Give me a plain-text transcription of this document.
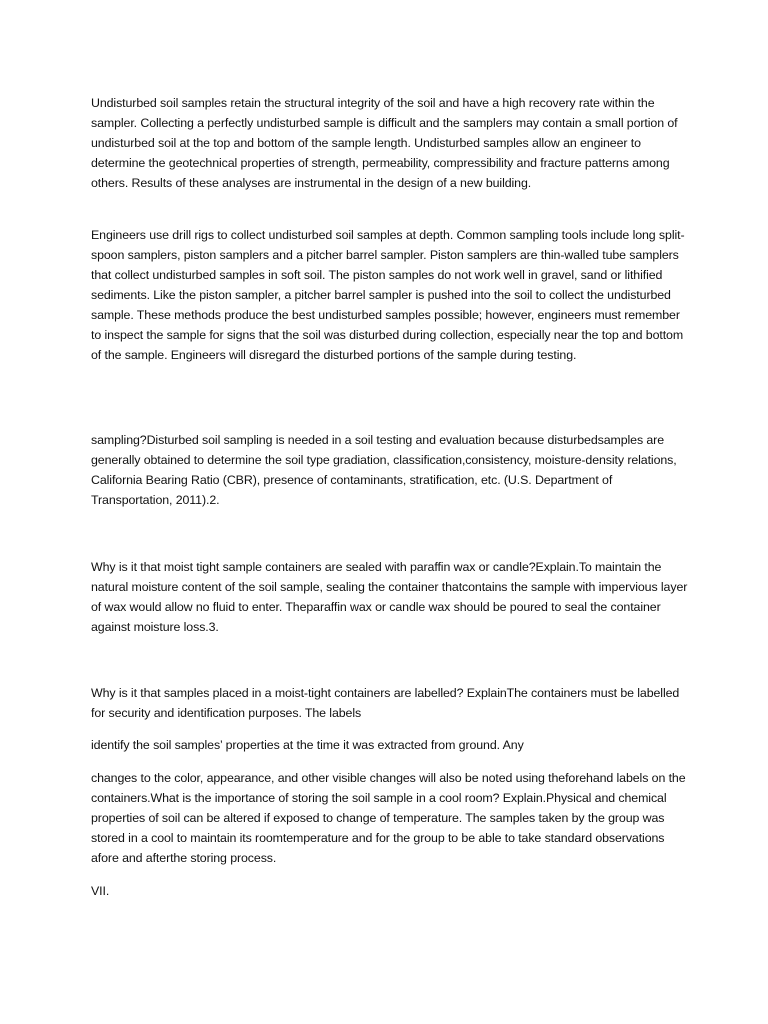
Undisturbed soil samples retain the structural integrity of the soil and have a high recovery rate within the sampler. Collecting a perfectly undisturbed sample is difficult and the samplers may contain a small portion of undisturbed soil at the top and bottom of the sample length. Undisturbed samples allow an engineer to determine the geotechnical properties of strength, permeability, compressibility and fracture patterns among others. Results of these analyses are instrumental in the design of a new building.

Engineers use drill rigs to collect undisturbed soil samples at depth. Common sampling tools include long split-spoon samplers, piston samplers and a pitcher barrel sampler. Piston samplers are thin-walled tube samplers that collect undisturbed samples in soft soil. The piston samples do not work well in gravel, sand or lithified sediments. Like the piston sampler, a pitcher barrel sampler is pushed into the soil to collect the undisturbed sample. These methods produce the best undisturbed samples possible; however, engineers must remember to inspect the sample for signs that the soil was disturbed during collection, especially near the top and bottom of the sample. Engineers will disregard the disturbed portions of the sample during testing.

sampling?Disturbed soil sampling is needed in a soil testing and evaluation because disturbedsamples are generally obtained to determine the soil type gradiation, classification,consistency, moisture-density relations, California Bearing Ratio (CBR), presence of contaminants, stratification, etc. (U.S. Department of Transportation, 2011).2.

Why is it that moist tight sample containers are sealed with paraffin wax or candle?Explain.To maintain the natural moisture content of the soil sample, sealing the container thatcontains the sample with impervious layer of wax would allow no fluid to enter. Theparaffin wax or candle wax should be poured to seal the container against moisture loss.3.

Why is it that samples placed in a moist-tight containers are labelled? ExplainThe containers must be labelled for security and identification purposes. The labels

identify the soil samples’ properties at the time it was extracted from ground. Any

changes to the color, appearance, and other visible changes will also be noted using theforehand labels on the containers.What is the importance of storing the soil sample in a cool room? Explain.Physical and chemical properties of soil can be altered if exposed to change of temperature. The samples taken by the group was stored in a cool to maintain its roomtemperature and for the group to be able to take standard observations afore and afterthe storing process.

VII.
